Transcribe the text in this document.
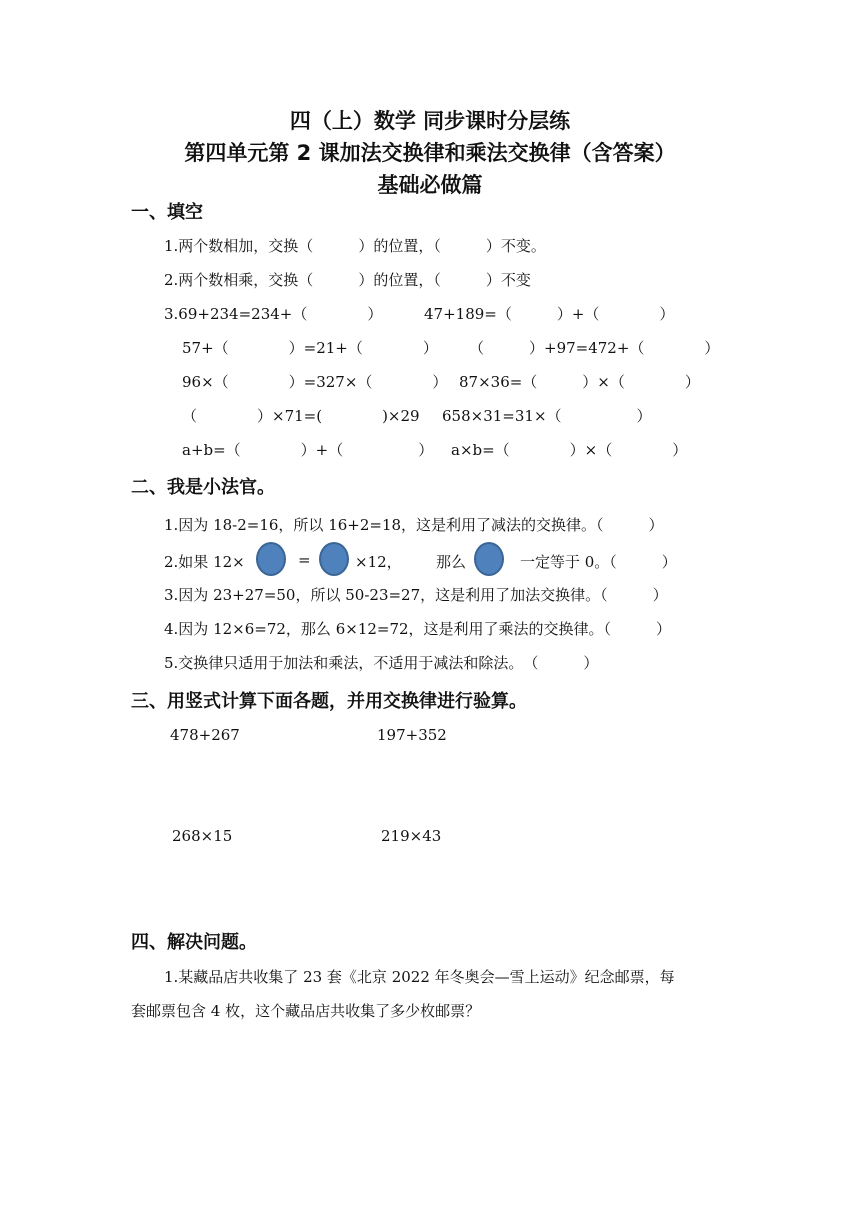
四（上）数学 同步课时分层练
第四单元第 2 课加法交换律和乘法交换律（含答案）
基础必做篇
一、填空
1.两个数相加，交换（　　　）的位置，（　　　）不变。
2.两个数相乘，交换（　　　）的位置，（　　　）不变
3.69+234=234+（　　　　）	47+189=（　　　）+（　　　　）
57+（　　　　）=21+（　　　　） （　　　）+97=472+（　　　　）
96×（　　　　）=327×（　　　　） 87×36=（　　　）×（　　　　）
（　　　　）×71=(　　　　)×29 658×31=31×（　　　　　）
a+b=（　　　　）+（　　　　　） a×b=（　　　　）×（　　　　）
二、我是小法官。
1.因为 18-2=16，所以 16+2=18，这是利用了减法的交换律。（　　　）
2.如果 12×	=	×12， 那么	一定等于 0。（　　　）
3.因为 23+27=50，所以 50-23=27，这是利用了加法交换律。（　　　）
4.因为 12×6=72，那么 6×12=72，这是利用了乘法的交换律。（　　　）
5.交换律只适用于加法和乘法，不适用于减法和除法。　（　　　）
三、用竖式计算下面各题，并用交换律进行验算。
478+267	197+352
268×15	219×43
四、解决问题。
1.某藏品店共收集了 23 套《北京 2022 年冬奥会—雪上运动》纪念邮票，每
套邮票包含 4 枚，这个藏品店共收集了多少枚邮票？
